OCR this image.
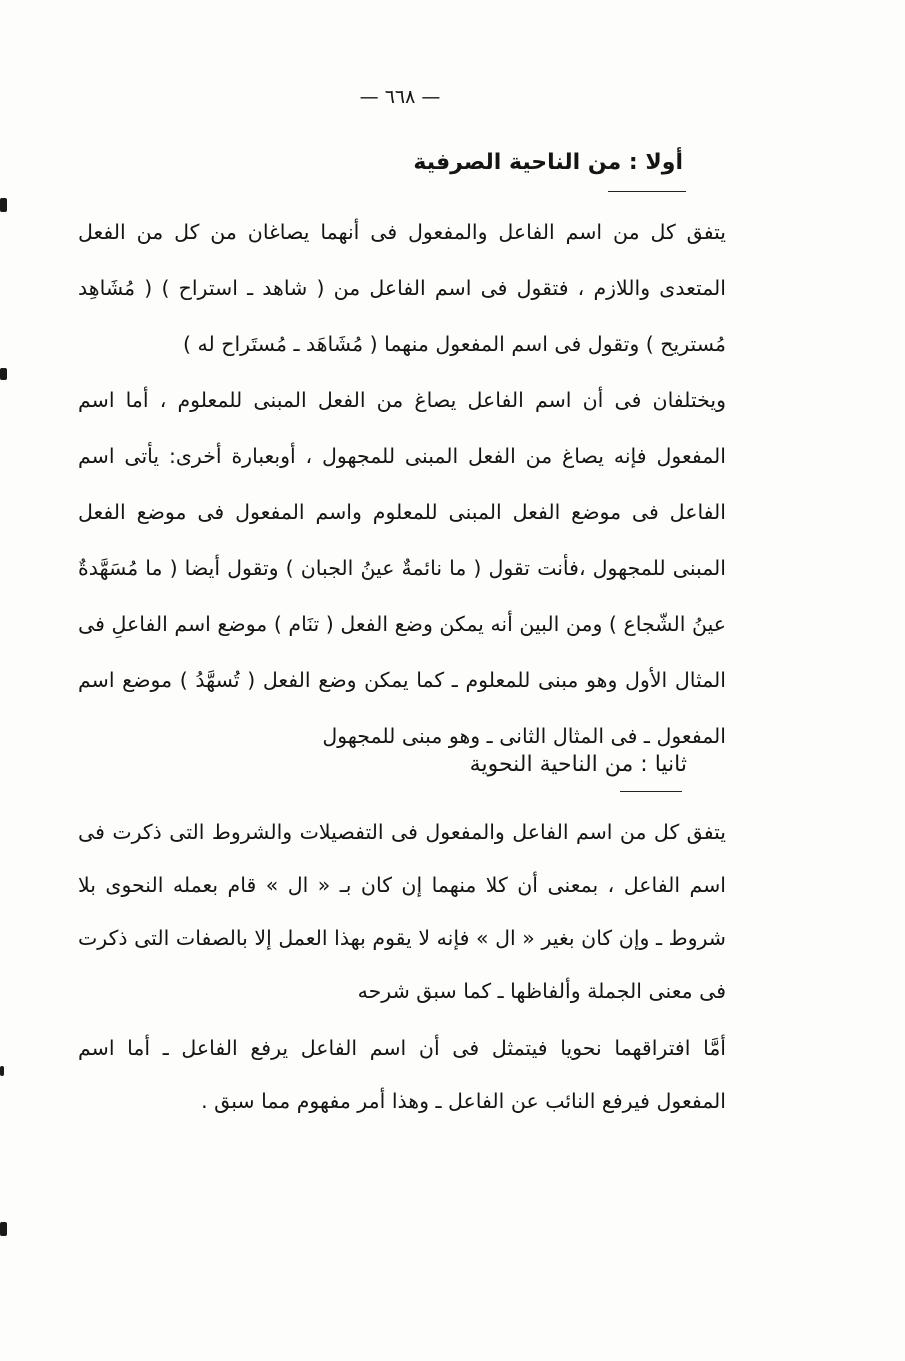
— ٦٦٨ —
أولا : من الناحية الصرفية

يتفق كل من اسم الفاعل والمفعول فى أنهما يصاغان من كل من الفعل المتعدى واللازم ، فتقول فى اسم الفاعل من ( شاهد ـ استراح ) ( مُشَاهِد مُستريح ) وتقول فى اسم المفعول منهما ( مُشَاهَد ـ مُستَراح له )

ويختلفان فى أن اسم الفاعل يصاغ من الفعل المبنى للمعلوم ، أما اسم المفعول فإنه يصاغ من الفعل المبنى للمجهول ، أوبعبارة أخرى: يأتى اسم الفاعل فى موضع الفعل المبنى للمعلوم واسم المفعول فى موضع الفعل المبنى للمجهول ،فأنت تقول ( ما نائمةٌ عينُ الجبان ) وتقول أيضا ( ما مُسَهَّدةٌ عينُ الشّجاع ) ومن البين أنه يمكن وضع الفعل ( تنَام ) موضع اسم الفاعلِ فى المثال الأول وهو مبنى للمعلوم ـ كما يمكن وضع الفعل ( تُسهَّدُ ) موضع اسم المفعول ـ فى المثال الثانى ـ وهو مبنى للمجهول

ثانيا : من الناحية النحوية

يتفق كل من اسم الفاعل والمفعول فى التفصيلات والشروط التى ذكرت فى اسم الفاعل ، بمعنى أن كلا منهما إن كان بـ « ال » قام بعمله النحوى بلا شروط ـ وإن كان بغير « ال » فإنه لا يقوم بهذا العمل إلا بالصفات التى ذكرت فى معنى الجملة وألفاظها ـ كما سبق شرحه

أمَّا افتراقهما نحويا فيتمثل فى أن اسم الفاعل يرفع الفاعل ـ أما اسم المفعول فيرفع النائب عن الفاعل ـ وهذا أمر مفهوم مما سبق .
